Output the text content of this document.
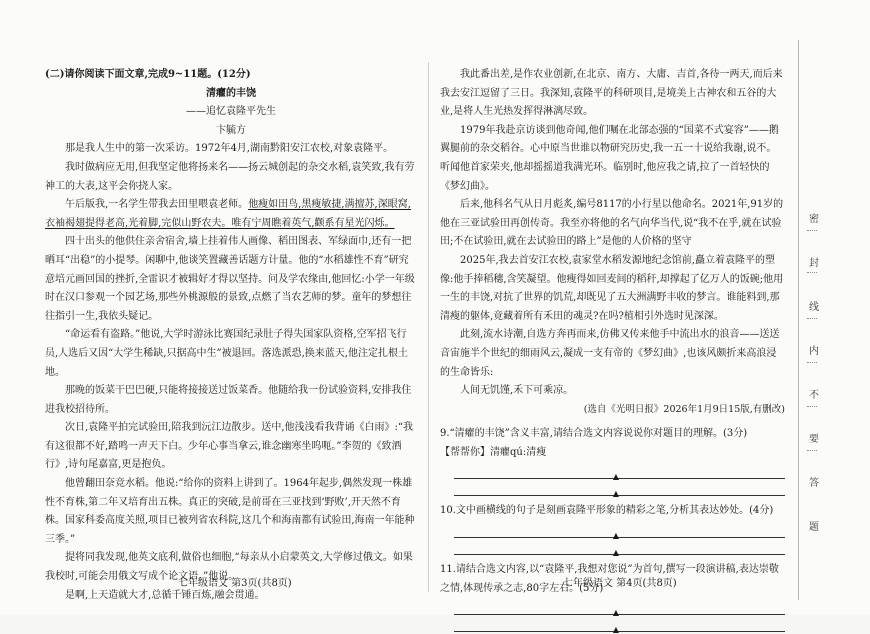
(二)请你阅读下面文章,完成9~11题。(12分)

清癯的丰饶

——追忆袁隆平先生

卞毓方

那是我人生中的第一次采访。1972年4月,湖南黔阳安江农校,对象袁隆平。

我时做病应无用,但我坚定他将扬来名——扬云城创起的杂交水稻,袁笑致,我有劳神工的大表,这平会你挠人家。

午后版我,一名学生带我去田里喂袁老师。他瘦如田鸟,黑瘦敏捷,满擅苏,深眼窝,衣袖褐翅提得老高,光着脚,完似山野农夫。唯有宁周瞧着英气,颧系有星光闪烁。

四十出头的他供住亲舍宿舍,墙上挂着伟人画像、稻田图表、军绿面巾,还有一把晒耳“出稳”的小提琴。闲聊中,他谈笑置藏善话题方计量。他的“水稻雄性不育”研究意培元画回国的挫折,全雷识才被辑好才得以坚持。问及学农缘由,他回忆:小学一年级时在汉口参观一个园艺场,那些外桃源般的景致,点燃了当农艺师的梦。童年的梦想往往指引一生,我依头疑记。

“命运看有盗路。”他说,大学时游泳比赛国纪录肚子得失国家队资格,空军招飞行员,人选后又因“大学生稀缺,只据高中生”被退回。落选派恐,换来蓝天,他注定扎根土地。

那晚的饭菜干巴巴硬,只能将接接送过饭菜香。他随给我一份试验资料,安排我住进我校招待所。

次日,袁隆平拍完试验田,陪我到沅江边散步。送中,他浅浅看我背诵《白雨》:“我有这很都不好,踏鸣一声天下白。少年心事当拿云,谁念幽寒坐呜呃。”李贺的《致酒行》,诗句尾嘉富,更是抱负。

他曾翻田奈竞水稻。他说:“给你的资料上讲到了。1964年起步,偶然发现一株雄性不育株,第二年又培育出五株。真正的突破,是前哥在三亚找到‘野败’,开天然不育株。国家科委高度关照,项目已被列省农科院,这几个和海南都有试验田,海南一年能种三季。”

提将同我发现,他英文底利,做俗也细胞,“每亲从小启蒙英文,大学修过俄文。如果我校时,可能会用俄文写成个论文语。”他说。

是啊,上天造就大才,总循千锤百炼,融会贯通。

我此番出差,是作农业创新,在北京、南方、大庸、吉首,各待一两天,而后来我去安江逗留了三日。我深知,袁隆平的科研项目,是境美上古神农和五谷的大业,是将人生光热发挥得淋漓尽致。

1979年我赴京访谈到他奇闻,他们嘱在北部态强的“国菜不式宴容”——鹅翼腿前的杂交稻谷。心中原当世谁以物研究历史,我一五一十说给我谢,说不。听闻他首家荣夹,他却摇摇道我满光环。临别时,他应我之请,拉了一首轻快的《梦幻曲》。

后来,他科名气从日月彪炙,编号8117的小行星以他命名。2021年,91岁的他在三亚试验田再创传奇。我至亦将他的名气向华当代,说“我不在乎,就在试验田;不在试验田,就在去试验田的路上”是他的人价格的坚守

2025年,我去首安江农校,袁家堂水稻发源地纪念馆前,矗立着袁隆平的塑像:他手捧稻穗,含笑凝望。他瘦得如回麦间的稻秆,却撑起了亿万人的饭碗;他用一生的丰饶,对抗了世界的饥荒,却既见了五大洲满野丰收的梦言。谁能料到,那清瘦的躯体,竟藏着所有禾田的魂灵?在吗?植相引外选时见深深。

此刻,流水诗潮,自选方奔再而来,仿佛又传来他手中流出水的浪音——送送音宙施半个世纪的细雨风云,凝成一支有帝的《梦幻曲》,也该风颇折来高浪浸的生命皆乐:

人间无饥馑,禾下可乘凉。

(选自《光明日报》2026年1月9日15版,有删改)

9.“清癯的丰饶”含义丰富,请结合选文内容说说你对题目的理解。(3分)

【帮帮你】清癯qú:清瘦

▲
▲

10.文中画横线的句子是刻画袁隆平形象的精彩之笔,分析其表达妙处。(4分)

▲
▲

11.请结合选文内容,以“袁隆平,我想对您说”为首句,撰写一段演讲稿,表达崇敬之情,体现传承之志,80字左右。(5分)

▲
▲
七年级语文 第3页(共8页)	七年级语文 第4页(共8页)
密
封
线
内
不
要
答
题
